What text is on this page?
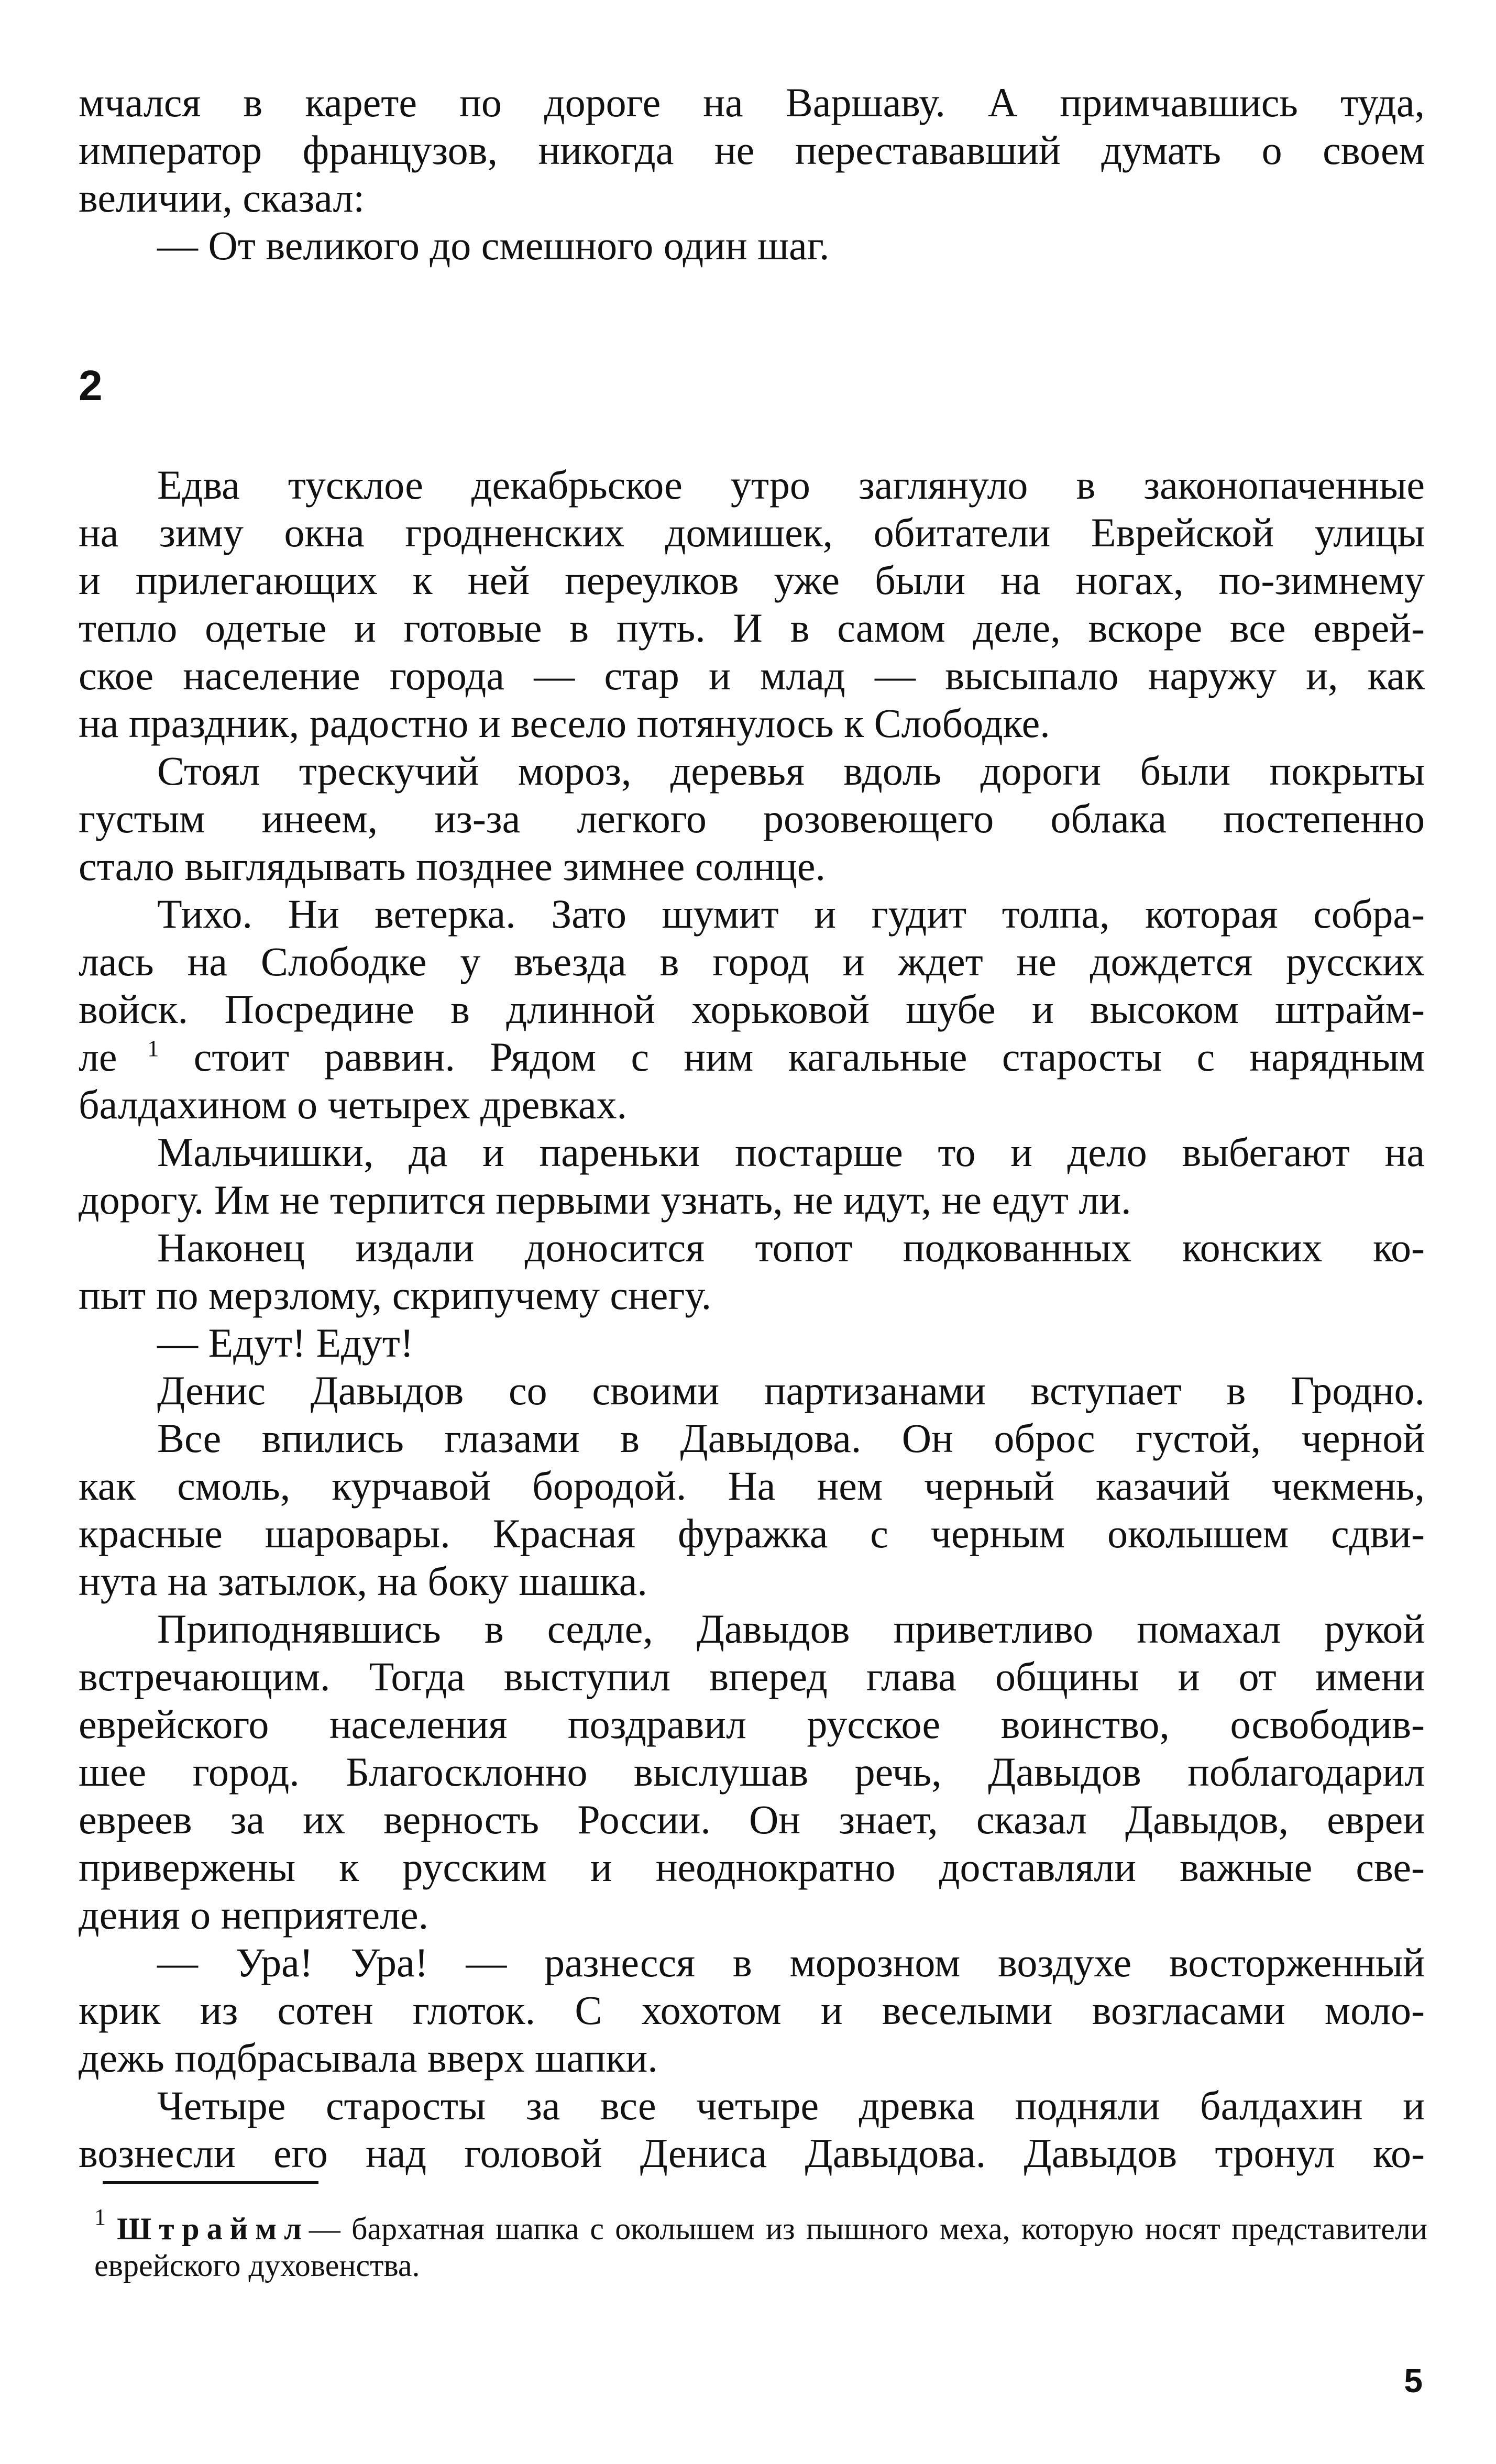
мчался в карете по дороге на Варшаву. А примчавшись туда,

император французов, никогда не перестававший думать о своем

величии, сказал:

— От великого до смешного один шаг.

2

Едва тусклое декабрьское утро заглянуло в законопаченные

на зиму окна гродненских домишек, обитатели Еврейской улицы

и прилегающих к ней переулков уже были на ногах, по-зимнему

тепло одетые и готовые в путь. И в самом деле, вскоре все еврей-

ское население города — стар и млад — высыпало наружу и, как

на праздник, радостно и весело потянулось к Слободке.

Стоял трескучий мороз, деревья вдоль дороги были покрыты

густым инеем, из-за легкого розовеющего облака постепенно

стало выглядывать позднее зимнее солнце.

Тихо. Ни ветерка. Зато шумит и гудит толпа, которая собра-

лась на Слободке у въезда в город и ждет не дождется русских

войск. Посредине в длинной хорьковой шубе и высоком штрайм-

ле $^1$ стоит раввин. Рядом с ним кагальные старосты с нарядным

балдахином о четырех древках.

Мальчишки, да и пареньки постарше то и дело выбегают на

дорогу. Им не терпится первыми узнать, не идут, не едут ли.

Наконец издали доносится топот подкованных конских ко-

пыт по мерзлому, скрипучему снегу.

— Едут! Едут!

Денис Давыдов со своими партизанами вступает в Гродно.

Все впились глазами в Давыдова. Он оброс густой, черной

как смоль, курчавой бородой. На нем черный казачий чекмень,

красные шаровары. Красная фуражка с черным околышем сдви-

нута на затылок, на боку шашка.

Приподнявшись в седле, Давыдов приветливо помахал рукой

встречающим. Тогда выступил вперед глава общины и от имени

еврейского населения поздравил русское воинство, освободив-

шее город. Благосклонно выслушав речь, Давыдов поблагодарил

евреев за их верность России. Он знает, сказал Давыдов, евреи

привержены к русским и неоднократно доставляли важные све-

дения о неприятеле.

— Ура! Ура! — разнесся в морозном воздухе восторженный

крик из сотен глоток. С хохотом и веселыми возгласами моло-

дежь подбрасывала вверх шапки.

Четыре старосты за все четыре древка подняли балдахин и

вознесли его над головой Дениса Давыдова. Давыдов тронул ко-

$^1$ Штраймл— бархатная шапка с околышем из пышного меха, которую носят представители еврейского духовенства.
5
